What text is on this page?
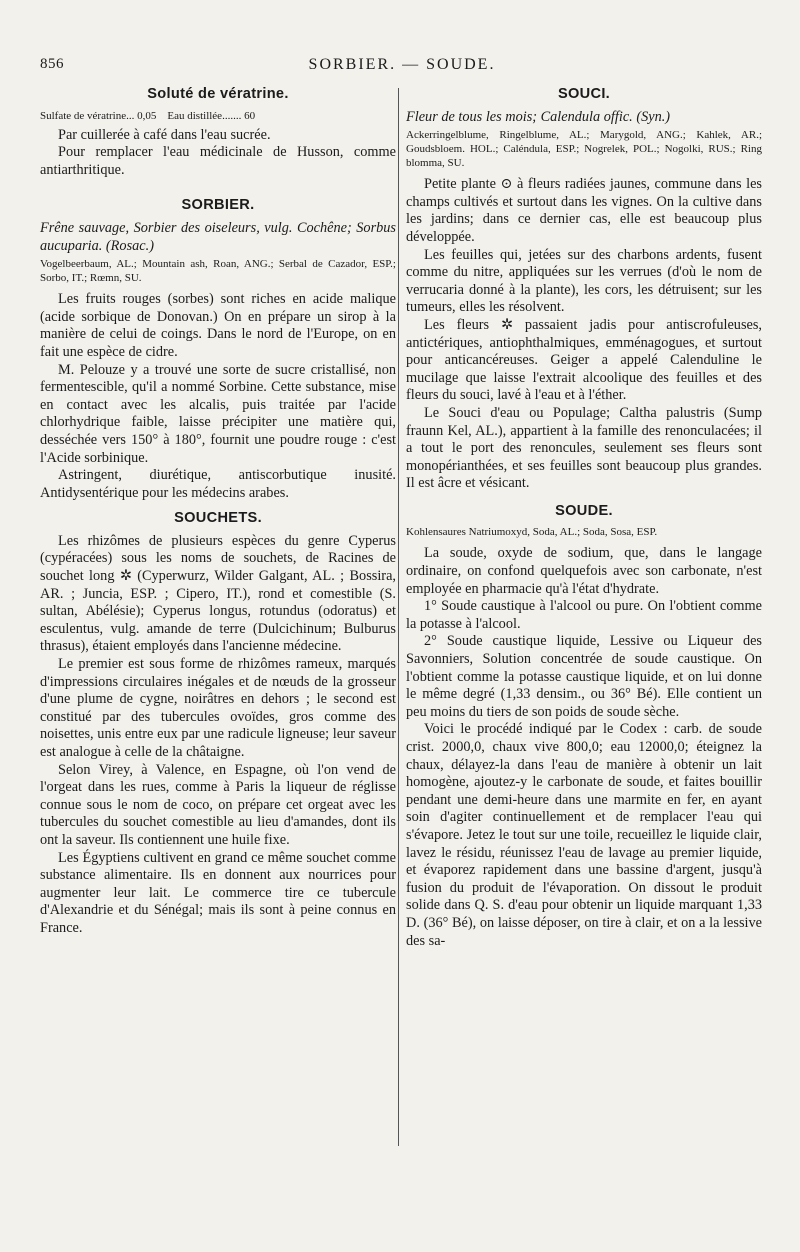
856	SORBIER. — SOUDE.
Soluté de vératrine.
Sulfate de vératrine... 0,05 Eau distillée....... 60

Par cuillerée à café dans l'eau sucrée.

Pour remplacer l'eau médicinale de Husson, comme antiarthritique.

SORBIER.

Frêne sauvage, Sorbier des oiseleurs, vulg. Cochêne; Sorbus aucuparia. (Rosac.)

Vogelbeerbaum, AL.; Mountain ash, Roan, ANG.; Serbal de Cazador, ESP.; Sorbo, IT.; Rœmn, SU.

Les fruits rouges (sorbes) sont riches en acide malique (acide sorbique de Donovan.) On en prépare un sirop à la manière de celui de coings. Dans le nord de l'Europe, on en fait une espèce de cidre.

M. Pelouze y a trouvé une sorte de sucre cristallisé, non fermentescible, qu'il a nommé Sorbine. Cette substance, mise en contact avec les alcalis, puis traitée par l'acide chlorhydrique faible, laisse précipiter une matière qui, desséchée vers 150° à 180°, fournit une poudre rouge : c'est l'Acide sorbinique.

Astringent, diurétique, antiscorbutique inusité. Antidysentérique pour les médecins arabes.

SOUCHETS.

Les rhizômes de plusieurs espèces du genre Cyperus (cypéracées) sous les noms de souchets, de Racines de souchet long ✲ (Cyperwurz, Wilder Galgant, AL. ; Bossira, AR. ; Juncia, ESP. ; Cipero, IT.), rond et comestible (S. sultan, Abélésie); Cyperus longus, rotundus (odoratus) et esculentus, vulg. amande de terre (Dulcichinum; Bulburus thrasus), étaient employés dans l'ancienne médecine.

Le premier est sous forme de rhizômes rameux, marqués d'impressions circulaires inégales et de nœuds de la grosseur d'une plume de cygne, noirâtres en dehors ; le second est constitué par des tubercules ovoïdes, gros comme des noisettes, unis entre eux par une radicule ligneuse; leur saveur est analogue à celle de la châtaigne.

Selon Virey, à Valence, en Espagne, où l'on vend de l'orgeat dans les rues, comme à Paris la liqueur de réglisse connue sous le nom de coco, on prépare cet orgeat avec les tubercules du souchet comestible au lieu d'amandes, dont ils ont la saveur. Ils contiennent une huile fixe.

Les Égyptiens cultivent en grand ce même souchet comme substance alimentaire. Ils en donnent aux nourrices pour augmenter leur lait. Le commerce tire ce tubercule d'Alexandrie et du Sénégal; mais ils sont à peine connus en France.

SOUCI.

Fleur de tous les mois; Calendula offic. (Syn.)

Ackerringelblume, Ringelblume, AL.; Marygold, ANG.; Kahlek, AR.; Goudsbloem. HOL.; Caléndula, ESP.; Nogrelek, POL.; Nogolki, RUS.; Ring blomma, SU.

Petite plante ⊙ à fleurs radiées jaunes, commune dans les champs cultivés et surtout dans les vignes. On la cultive dans les jardins; dans ce dernier cas, elle est beaucoup plus développée.

Les feuilles qui, jetées sur des charbons ardents, fusent comme du nitre, appliquées sur les verrues (d'où le nom de verrucaria donné à la plante), les cors, les détruisent; sur les tumeurs, elles les résolvent.

Les fleurs ✲ passaient jadis pour antiscrofuleuses, antictériques, antiophthalmiques, emménagogues, et surtout pour anticancéreuses. Geiger a appelé Calenduline le mucilage que laisse l'extrait alcoolique des feuilles et des fleurs du souci, lavé à l'eau et à l'éther.

Le Souci d'eau ou Populage; Caltha palustris (Sump fraunn Kel, AL.), appartient à la famille des renonculacées; il a tout le port des renoncules, seulement ses fleurs sont monopérianthées, et ses feuilles sont beaucoup plus grandes. Il est âcre et vésicant.

SOUDE.

Kohlensaures Natriumoxyd, Soda, AL.; Soda, Sosa, ESP.

La soude, oxyde de sodium, que, dans le langage ordinaire, on confond quelquefois avec son carbonate, n'est employée en pharmacie qu'à l'état d'hydrate.

1° Soude caustique à l'alcool ou pure. On l'obtient comme la potasse à l'alcool.

2° Soude caustique liquide, Lessive ou Liqueur des Savonniers, Solution concentrée de soude caustique. On l'obtient comme la potasse caustique liquide, et on lui donne le même degré (1,33 densim., ou 36° Bé). Elle contient un peu moins du tiers de son poids de soude sèche.

Voici le procédé indiqué par le Codex : carb. de soude crist. 2000,0, chaux vive 800,0; eau 12000,0; éteignez la chaux, délayez-la dans l'eau de manière à obtenir un lait homogène, ajoutez-y le carbonate de soude, et faites bouillir pendant une demi-heure dans une marmite en fer, en ayant soin d'agiter continuellement et de remplacer l'eau qui s'évapore. Jetez le tout sur une toile, recueillez le liquide clair, lavez le résidu, réunissez l'eau de lavage au premier liquide, et évaporez rapidement dans une bassine d'argent, jusqu'à fusion du produit de l'évaporation. On dissout le produit solide dans Q. S. d'eau pour obtenir un liquide marquant 1,33 D. (36° Bé), on laisse déposer, on tire à clair, et on a la lessive des sa-
